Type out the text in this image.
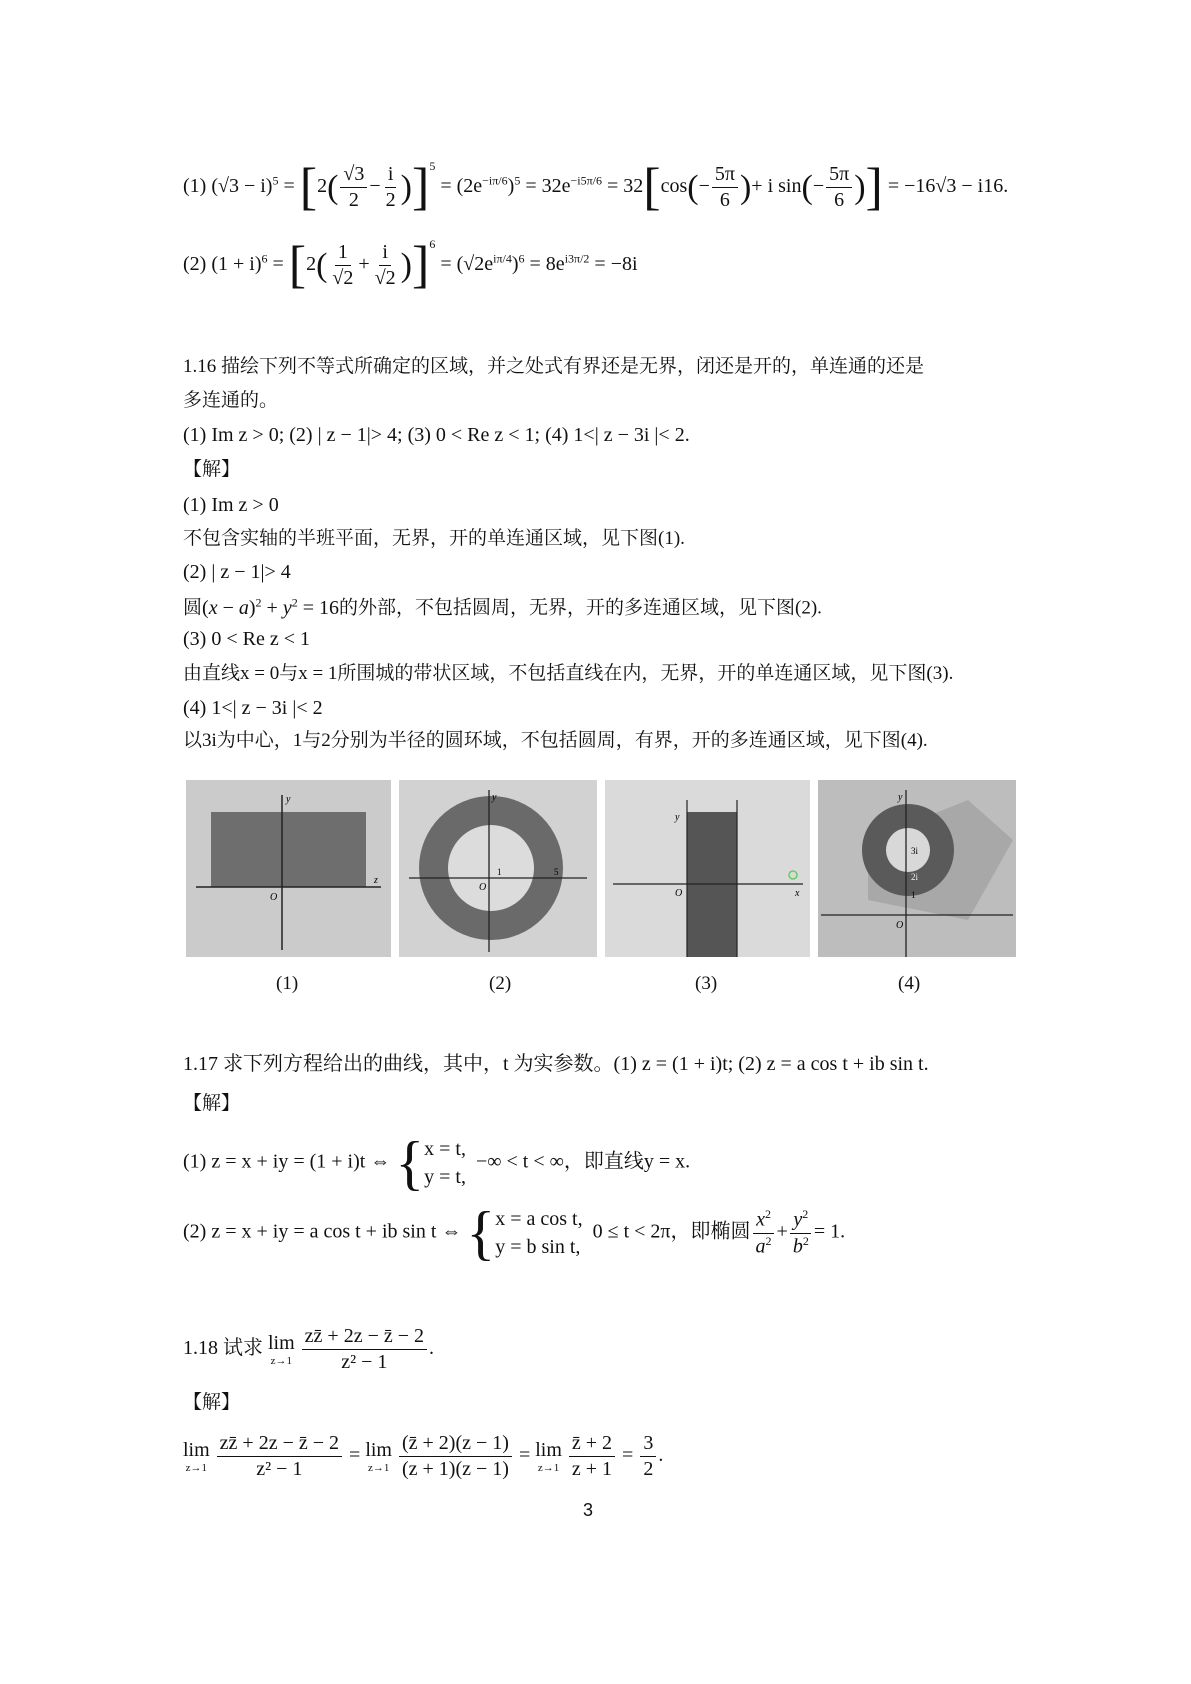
(1) $(√3 - i)^5 = [2( \frac{√3}{2} - \frac{i}{2} )]^5 = (2e^{-i\pi/6})^5 = 32e^{-i5\pi/6} = 32[\cos(- \frac{5\pi}{6}$ )+ i $\sin(- \frac{5\pi}{6}$ )] = −16√3 − i16.
(2) $(1 + i)^6 = [2( \frac{1}{√2} + \frac{i}{√2} )]^6 = (√2e^{i\pi/4})^6 = 8e^{i3\pi/2} = -8i$
1.16 描绘下列不等式所确定的区域，并之处式有界还是无界，闭还是开的，单连通的还是
多连通的。
(1) Im z > 0; (2) | z − 1|> 4; (3) 0 < Re z < 1; (4) 1<| z − 3i |< 2.
【解】
(1) Im z > 0
不包含实轴的半班平面，无界，开的单连通区域，见下图(1).
(2) | z − 1|> 4
圆$(x - a)^2 + y^2 = 16$的外部，不包括圆周，无界，开的多连通区域，见下图(2).
(3) 0 < Re z < 1
由直线x = 0与x = 1所围城的带状区域，不包括直线在内，无界，开的单连通区域，见下图(3).
(4) 1<| z − 3i |< 2
以3i为中心，1与2分别为半径的圆环域，不包括圆周，有界，开的多连通区域，见下图(4).
y
z
O
y
O
1	5
y
x
O
y
O
3i
2i
1
(1)	(2)	(3)	(4)
1.17 求下列方程给出的曲线，其中，t 为实参数。(1) z = (1 + i)t; (2) z = a cos t + ib sin t.
【解】
(1) z = x + iy = (1 + i)t ⇔ { x = t,
y = t,
−∞ < t < ∞，即直线y = x.
(2) z = x + iy = a cos t + ib sin t ⇔ { x = a cos t,
y = b sin t,
0 ≤ t < 2π，即椭圆 $\frac{x^2}{a^2} + \frac{y^2}{b^2} = 1$.
1.18 试求 lim
z→1
$\frac{zz̄ + 2z - z̄ - 2}{\text{z² − 1}}$ .
【解】
lim
z→1
$\frac{zz̄ + 2z - z̄ - 2}{\text{z² − 1}} = \lim$
z→1
$\frac{(z̄ + 2)(z - 1)}{(z + 1)(z - 1)} = \lim$
z→1
$\frac{z̄ + 2}{z + 1} = \frac{3}{2}$ .
3
